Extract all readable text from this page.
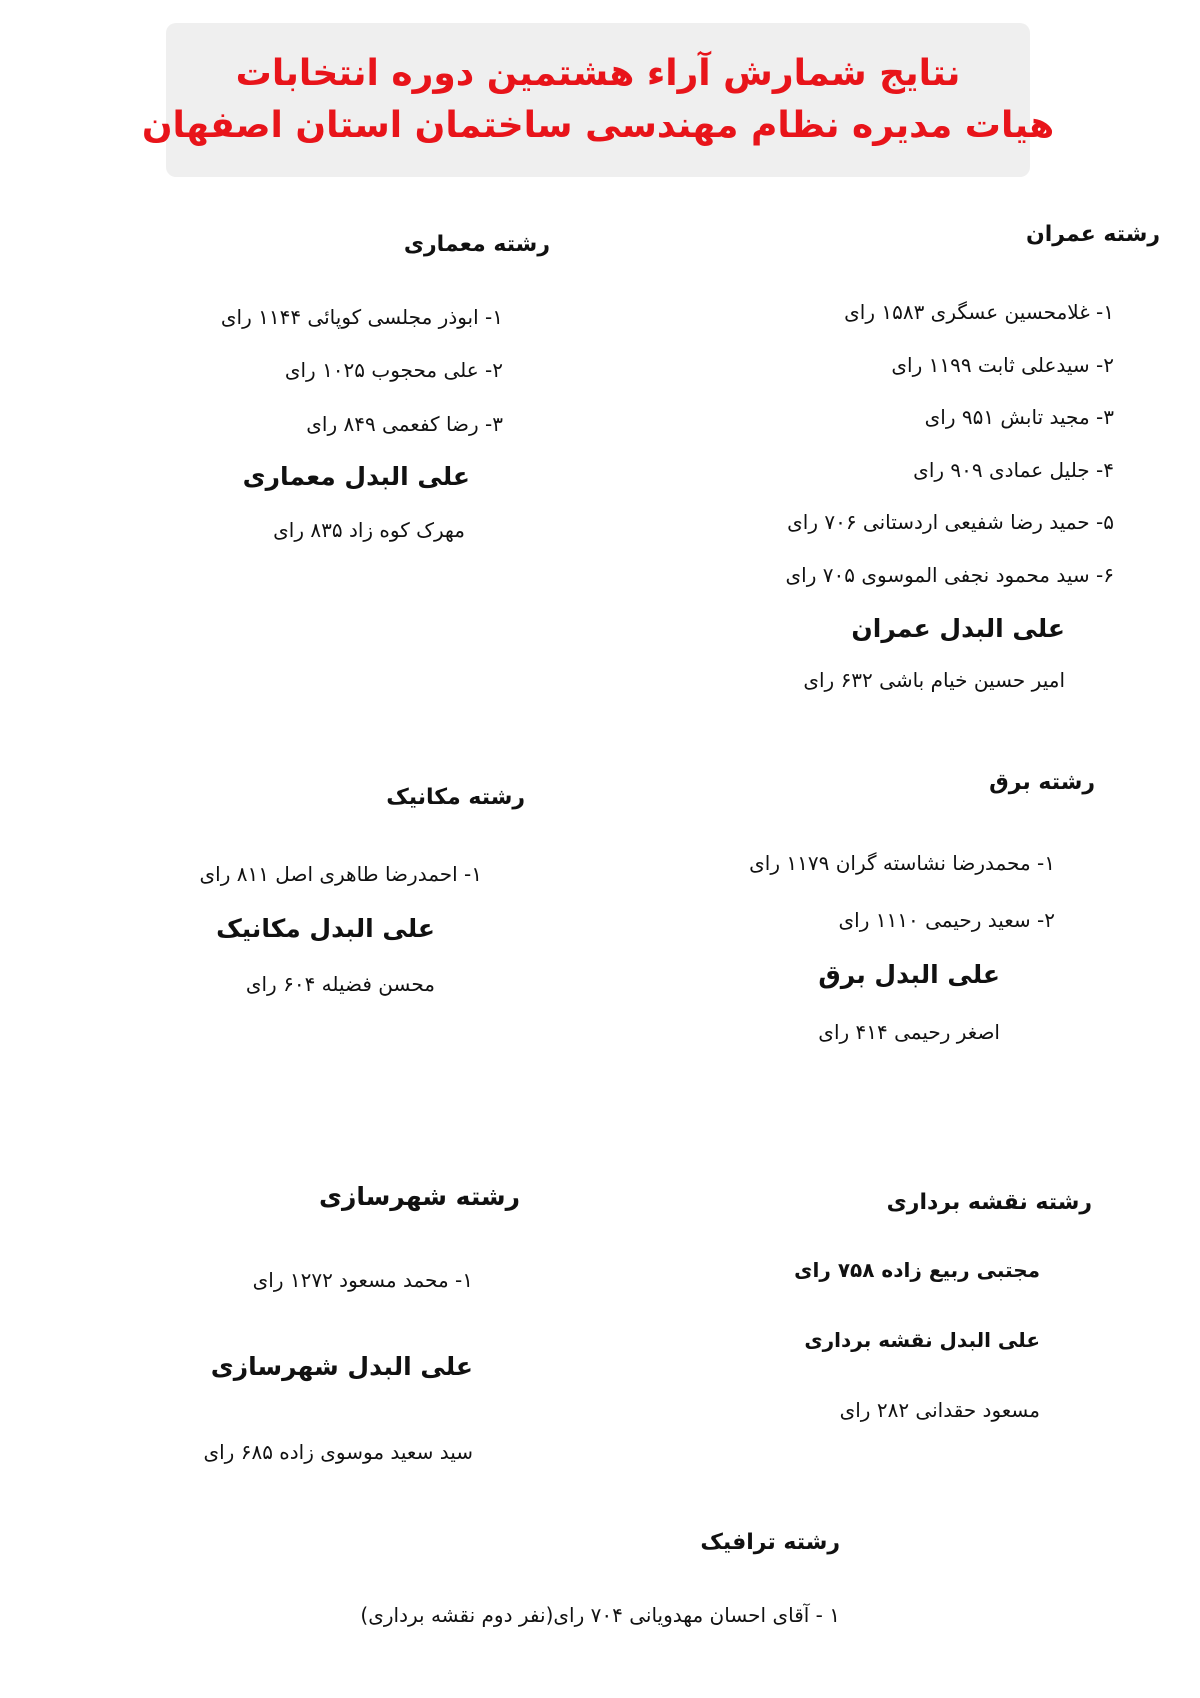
نتایج شمارش آراء هشتمین دوره انتخابات
هیات مدیره نظام مهندسی ساختمان استان اصفهان
رشته عمران
۱- غلامحسین عسگری ۱۵۸۳ رای
۲- سیدعلی ثابت ۱۱۹۹ رای
۳- مجید تابش ۹۵۱ رای
۴- جلیل عمادی ۹۰۹ رای
۵- حمید رضا شفیعی اردستانی ۷۰۶ رای
۶- سید محمود نجفی الموسوی ۷۰۵ رای
علی البدل عمران
امیر حسین خیام باشی ۶۳۲ رای
رشته معماری
۱- ابوذر مجلسی کوپائی ۱۱۴۴ رای
۲- علی محجوب ۱۰۲۵ رای
۳- رضا کفعمی ۸۴۹ رای
علی البدل معماری
مهرک کوه زاد ۸۳۵ رای
رشته برق
۱- محمدرضا نشاسته گران ۱۱۷۹ رای
۲- سعید رحیمی ۱۱۱۰ رای
علی البدل برق
اصغر رحیمی ۴۱۴ رای
رشته مکانیک
۱- احمدرضا طاهری اصل ۸۱۱ رای
علی البدل مکانیک
محسن فضیله ۶۰۴ رای
رشته نقشه برداری
مجتبی ربیع زاده ۷۵۸ رای
علی البدل نقشه برداری
مسعود حقدانی ۲۸۲ رای
رشته شهرسازی
۱- محمد مسعود ۱۲۷۲ رای
علی البدل شهرسازی
سید سعید موسوی زاده ۶۸۵ رای
رشته ترافیک
۱ - آقای احسان مهدویانی ۷۰۴ رای(نفر دوم نقشه برداری)
